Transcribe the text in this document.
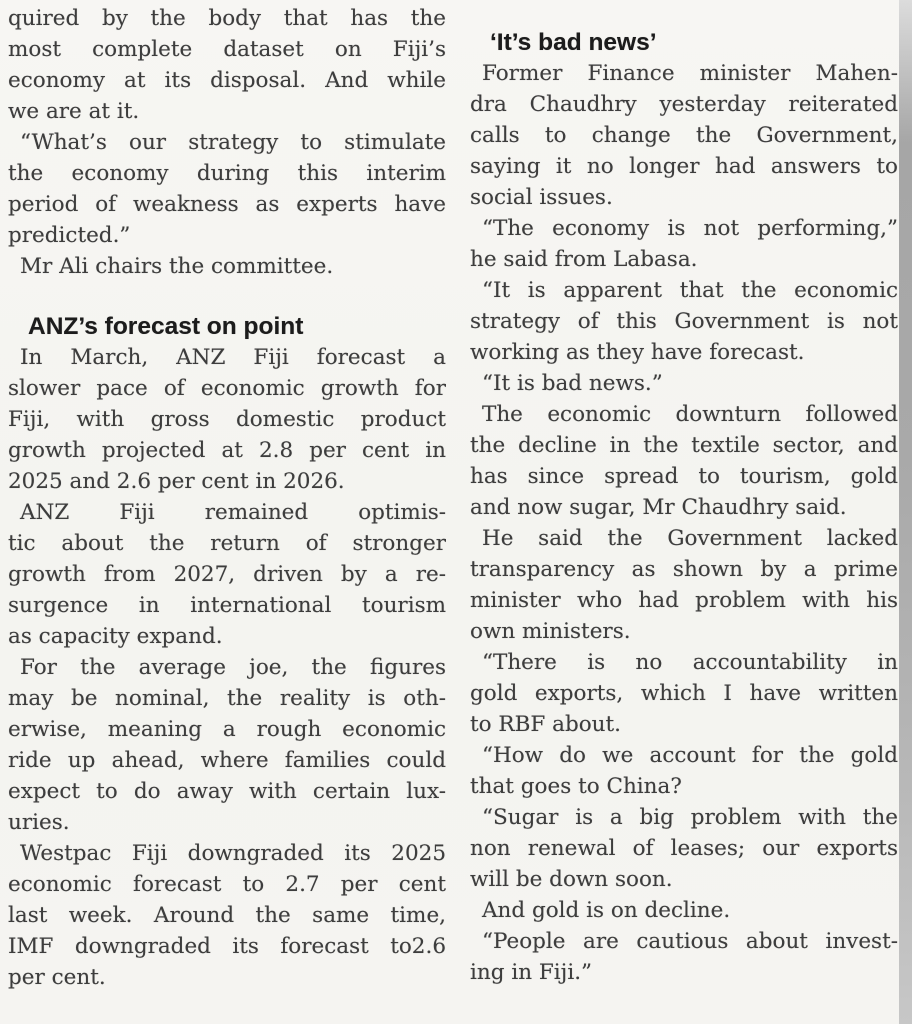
quired by the body that has the
most complete dataset on Fiji’s
economy at its disposal. And while
we are at it.
“What’s our strategy to stimulate
the economy during this interim
period of weakness as experts have
predicted.”
Mr Ali chairs the committee.
ANZ’s forecast on point
In March, ANZ Fiji forecast a
slower pace of economic growth for
Fiji, with gross domestic product
growth projected at 2.8 per cent in
2025 and 2.6 per cent in 2026.
ANZ Fiji remained optimis-
tic about the return of stronger
growth from 2027, driven by a re-
surgence in international tourism
as capacity expand.
For the average joe, the figures
may be nominal, the reality is oth-
erwise, meaning a rough economic
ride up ahead, where families could
expect to do away with certain lux-
uries.
Westpac Fiji downgraded its 2025
economic forecast to 2.7 per cent
last week. Around the same time,
IMF downgraded its forecast to2.6
per cent.
‘It’s bad news’
Former Finance minister Mahen-
dra Chaudhry yesterday reiterated
calls to change the Government,
saying it no longer had answers to
social issues.
“The economy is not performing,”
he said from Labasa.
“It is apparent that the economic
strategy of this Government is not
working as they have forecast.
“It is bad news.”
The economic downturn followed
the decline in the textile sector, and
has since spread to tourism, gold
and now sugar, Mr Chaudhry said.
He said the Government lacked
transparency as shown by a prime
minister who had problem with his
own ministers.
“There is no accountability in
gold exports, which I have written
to RBF about.
“How do we account for the gold
that goes to China?
“Sugar is a big problem with the
non renewal of leases; our exports
will be down soon.
And gold is on decline.
“People are cautious about invest-
ing in Fiji.”
